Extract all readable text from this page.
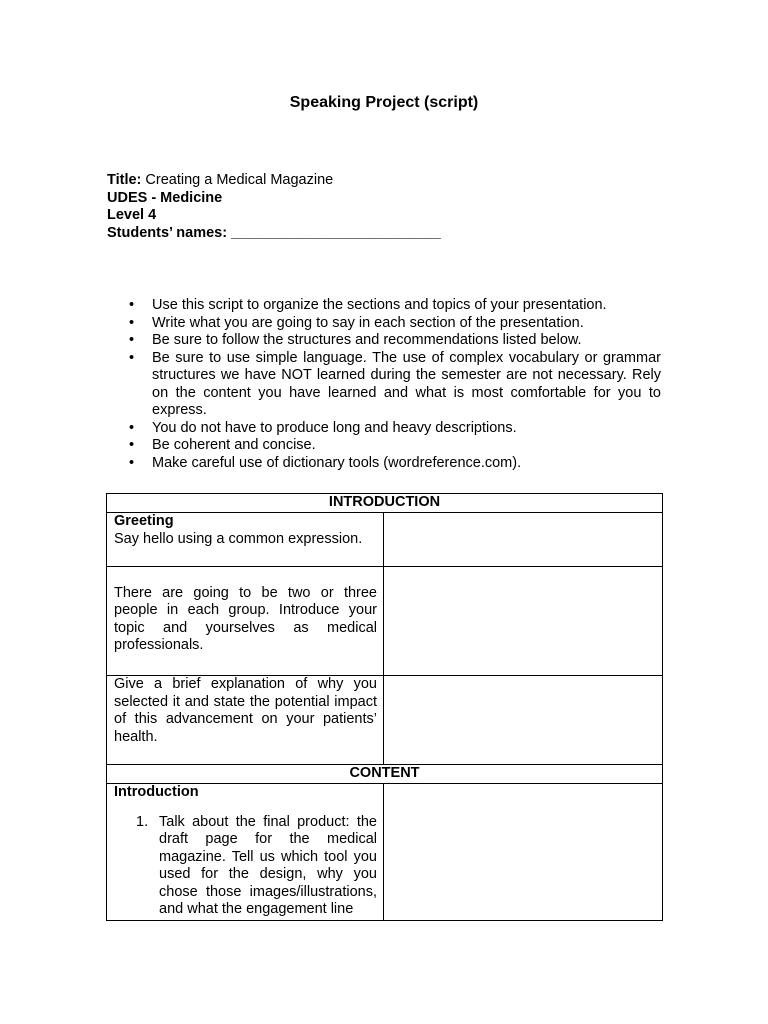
Speaking Project (script)
Title: Creating a Medical Magazine
UDES - Medicine
Level 4
Students’ names: __________________________
• Use this script to organize the sections and topics of your presentation.
• Write what you are going to say in each section of the presentation.
• Be sure to follow the structures and recommendations listed below.
• Be sure to use simple language. The use of complex vocabulary or grammar structures we have NOT learned during the semester are not necessary. Rely on the content you have learned and what is most comfortable for you to express.
• You do not have to produce long and heavy descriptions.
• Be coherent and concise.
• Make careful use of dictionary tools (wordreference.com).
INTRODUCTION	

Greeting
Say hello using a common expression.	

There are going to be two or three people in each group. Introduce your topic and yourselves as medical professionals.	

Give a brief explanation of why you selected it and state the potential impact of this advancement on your patients’ health.	

CONTENT	

Introduction
1. Talk about the final product: the draft page for the medical magazine. Tell us which tool you used for the design, why you chose those images/illustrations, and what the engagement line	
